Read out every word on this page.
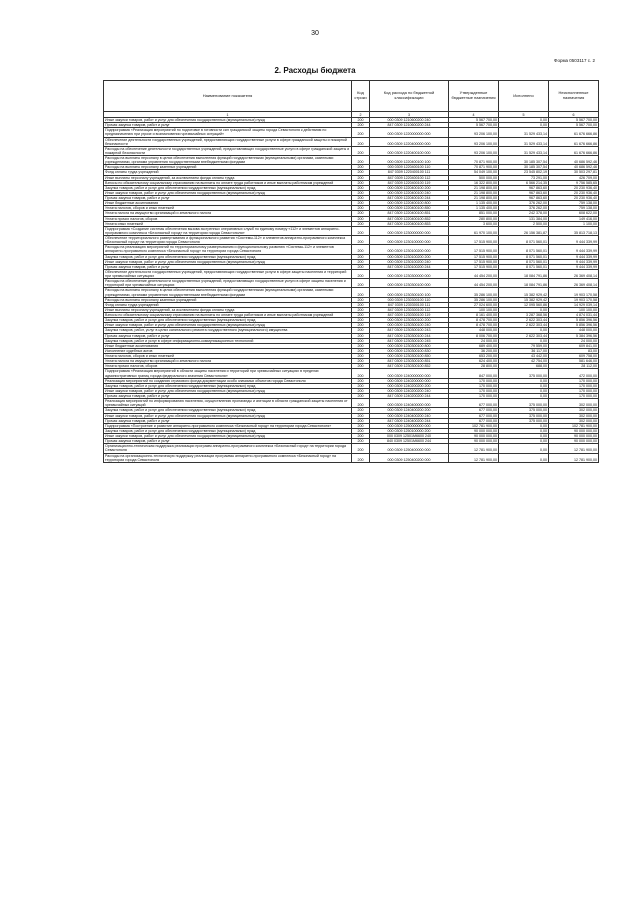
30
Форма 0503117 с. 2
2. Расходы бюджета
Наименование показателя	Код строки	Код расхода по бюджетной классификации	Утвержденные бюджетные назначения	Исполнено	Неисполненные назначения
1	2	3	4	5	6
Иные закупки товаров, работ и услуг для обеспечения государственных (муниципальных) нужд	200	000 0309 1210600200 240	5 567 700,00	0,00	5 567 700,00
Прочая закупка товаров, работ и услуг	200	847 0309 1210600200 244	5 567 700,00	0,00	5 567 700,00
Подпрограмма «Реализация мероприятий по подготовке в готовности сил гражданской защиты города Севастополя к действиям по предназначению при угрозе и возникновении чрезвычайных ситуаций»	200	000 0309 1220000000 000	93 206 100,00	31 529 433,14	61 676 666,86
Обеспечение деятельности государственных учреждений, предоставляющих государственные услуги в сфере гражданской защиты и пожарной безопасности	200	000 0309 1220400000 000	93 206 100,00	31 529 433,14	61 676 666,86
Расходы на обеспечение деятельности государственных учреждений, предоставляющих государственные услуги в сфере гражданской защиты и пожарной безопасности	200	000 0309 1220400100 000	93 206 100,00	31 529 433,14	61 676 666,86
Расходы на выплаты персоналу в целях обеспечения выполнения функций государственными (муниципальными) органами, казенными учреждениями, органами управления государственными внебюджетными фондами	200	000 0309 1220400100 100	70 871 900,00	30 185 307,54	40 686 592,46
Расходы на выплаты персоналу казенных учреждений	200	000 0309 1220400100 110	70 871 900,00	30 185 307,54	40 686 592,46
Фонд оплаты труда учреждений	200	847 0309 1220400100 111	54 049 100,00	23 545 802,19	30 503 297,81
Иные выплаты персоналу учреждений, за исключением фонда оплаты труда	200	847 0309 1220400100 112	500 000,00	73 291,00	426 709,00
Взносы по обязательному социальному страхованию на выплаты по оплате труда работников и иные выплаты работникам учреждений	200	847 0309 1220400100 119	16 322 800,00	6 566 214,35	9 756 585,65
Закупка товаров, работ и услуг для обеспечения государственных (муниципальных) нужд	200	000 0309 1220400100 200	21 198 800,00	967 863,60	20 230 936,40
Иные закупки товаров, работ и услуг для обеспечения государственных (муниципальных) нужд	200	000 0309 1220400100 240	21 198 800,00	967 863,60	20 230 936,40
Прочая закупка товаров, работ и услуг	200	847 0309 1220400100 244	21 198 800,00	967 863,60	20 230 936,40
Иные бюджетные ассигнования	200	000 0309 1220400100 800	1 135 400,00	376 262,00	759 138,00
Уплата налогов, сборов и иных платежей	200	000 0309 1220400100 850	1 135 400,00	376 262,00	759 138,00
Уплата налога на имущество организаций и земельного налога	200	847 0309 1220400100 851	851 000,00	242 378,00	608 622,00
Уплата прочих налогов, сборов	200	847 0309 1220400100 852	280 800,00	131 384,00	149 416,00
Уплата иных платежей	200	847 0309 1220400100 853	3 600,00	2 500,00	1 100,00
Подпрограмма «Создание системы обеспечения вызова экстренных оперативных служб по единому номеру «112» и элементов аппаратно-программного комплекса «Безопасный город» на территории города Севастополя»	200	000 0309 1230000000 000	61 970 100,00	26 156 381,87	35 813 718,13
Обеспечение территориального развертывания и функционального развития «Системы-112» и элементов аппаратно-программного комплекса «Безопасный город» на территории города Севастополя	200	000 0309 1230100000 000	17 515 900,00	8 071 560,01	9 444 339,99
Расходы на реализацию мероприятий по территориальному развертыванию и функциональному развитию «Системы-112» и элементов аппаратно-программного комплекса «Безопасный город» на территории города Севастополя	200	000 0309 1230100200 000	17 515 900,00	8 071 560,01	9 444 339,99
Закупка товаров, работ и услуг для обеспечения государственных (муниципальных) нужд	200	000 0309 1230100200 200	17 515 900,00	8 071 560,01	9 444 339,99
Иные закупки товаров, работ и услуг для обеспечения государственных (муниципальных) нужд	200	000 0309 1230100200 240	17 515 900,00	8 071 560,01	9 444 339,99
Прочая закупка товаров, работ и услуг	200	847 0309 1230100200 244	17 515 900,00	8 071 560,01	9 444 339,99
Обеспечение деятельности государственных учреждений, предоставляющих государственные услуги в сфере защиты населения и территорий при чрезвычайных ситуациях	200	000 0309 1230300000 000	44 454 200,00	18 084 791,86	26 369 408,14
Расходы на обеспечение деятельности государственных учреждений, предоставляющих государственные услуги в сфере защиты населения и территорий при чрезвычайных ситуациях	200	000 0309 1230300100 000	44 454 200,00	18 084 791,86	26 369 408,14
Расходы на выплаты персоналу в целях обеспечения выполнения функций государственными (муниципальными) органами, казенными учреждениями, органами управления государственными внебюджетными фондами	200	000 0309 1230300100 100	35 286 100,00	15 382 929,42	19 903 170,58
Расходы на выплаты персоналу казенных учреждений	200	000 0309 1230300100 110	35 286 100,00	15 382 929,42	19 903 170,58
Фонд оплаты труда учреждений	200	847 0309 1230300100 111	27 024 600,00	12 095 560,86	14 929 039,14
Иные выплаты персоналу учреждений, за исключением фонда оплаты труда	200	847 0309 1230300100 112	100 100,00	0,00	100 100,00
Взносы по обязательному социальному страхованию на выплаты по оплате труда работников и иные выплаты работникам учреждений	200	847 0309 1230300100 119	8 161 400,00	3 287 368,56	4 874 031,44
Закупка товаров, работ и услуг для обеспечения государственных (муниципальных) нужд	200	000 0309 1230300100 200	8 478 700,00	2 622 303,44	5 856 396,56
Иные закупки товаров, работ и услуг для обеспечения государственных (муниципальных) нужд	200	000 0309 1230300100 240	8 478 700,00	2 622 303,44	5 856 396,56
Закупка товаров, работ, услуг в целях капитального ремонта государственного (муниципального) имущества	200	847 0309 1230300100 243	448 000,00	0,00	448 000,00
Прочая закупка товаров, работ и услуг	200	847 0309 1230300100 244	8 006 700,00	2 622 303,44	5 384 396,56
Закупка товаров, работ и услуг в сфере информационно-коммуникационных технологий	200	847 0309 1230300100 245	24 000,00	0,00	24 000,00
Иные бюджетные ассигнования	200	000 0309 1230300100 800	689 400,00	79 559,00	609 841,00
Исполнение судебных актов	200	000 0309 1230300100 830	36 200,00	36 117,00	83,00
Уплата налогов, сборов и иных платежей	200	000 0309 1230300100 850	653 200,00	43 442,00	609 758,00
Уплата налога на имущество организаций и земельного налога	200	847 0309 1230300100 851	624 400,00	42 754,00	581 646,00
Уплата прочих налогов, сборов	200	847 0309 1230300100 852	28 800,00	688,00	28 112,00
Подпрограмма «Реализация мероприятий в области защиты населения и территорий при чрезвычайных ситуациях в пределах административных границ города федерального значения Севастополя»	200	000 0309 1240000000 000	847 000,00	375 000,00	472 000,00
Реализация мероприятий по созданию страхового фонда документации особо значимых объектов города Севастополя	200	000 0309 1240200000 000	170 000,00	0,00	170 000,00
Закупка товаров, работ и услуг для обеспечения государственных (муниципальных) нужд	200	000 0309 1240200200 200	170 000,00	0,00	170 000,00
Иные закупки товаров, работ и услуг для обеспечения государственных (муниципальных) нужд	200	000 0309 1240200200 240	170 000,00	0,00	170 000,00
Прочая закупка товаров, работ и услуг	200	847 0309 1240200200 244	170 000,00	0,00	170 000,00
Реализация мероприятий по информированию населения, осуществлению пропаганды и агитации в области гражданской защиты населения от чрезвычайных ситуаций	200	000 0309 1240400000 000	677 000,00	375 000,00	302 000,00
Закупка товаров, работ и услуг для обеспечения государственных (муниципальных) нужд	200	000 0309 1240400200 200	677 000,00	375 000,00	302 000,00
Иные закупки товаров, работ и услуг для обеспечения государственных (муниципальных) нужд	200	000 0309 1240400200 240	677 000,00	375 000,00	302 000,00
Прочая закупка товаров, работ и услуг	200	847 0309 1240400200 244	677 000,00	375 000,00	302 000,00
Подпрограмма «Построение и развитие аппаратно-программного комплекса «Безопасный город» на территории города Севастополя»	200	000 0309 1250000000 000	102 781 900,00	0,00	102 781 900,00
Закупка товаров, работ и услуг для обеспечения государственных (муниципальных) нужд	200	000 0309 1250100000 200	90 000 000,00	0,00	90 000 000,00
Иные закупки товаров, работ и услуг для обеспечения государственных (муниципальных) нужд	200	000 0309 12501М6600 240	90 000 000,00	0,00	90 000 000,00
Прочая закупка товаров, работ и услуг	200	840 0309 12501М6600 244	90 000 000,00	0,00	90 000 000,00
Организационно-техническая поддержка реализации программ аппаратно-программного комплекса «Безопасный город» на территории города Севастополя	200	000 0309 1250400000 000	12 781 900,00	0,00	12 781 900,00
Расходы на организационно-техническую поддержку реализации программы аппаратно-программного комплекса «Безопасный город» на территории города Севастополя	200	000 0309 1250400200 000	12 781 900,00	0,00	12 781 900,00
